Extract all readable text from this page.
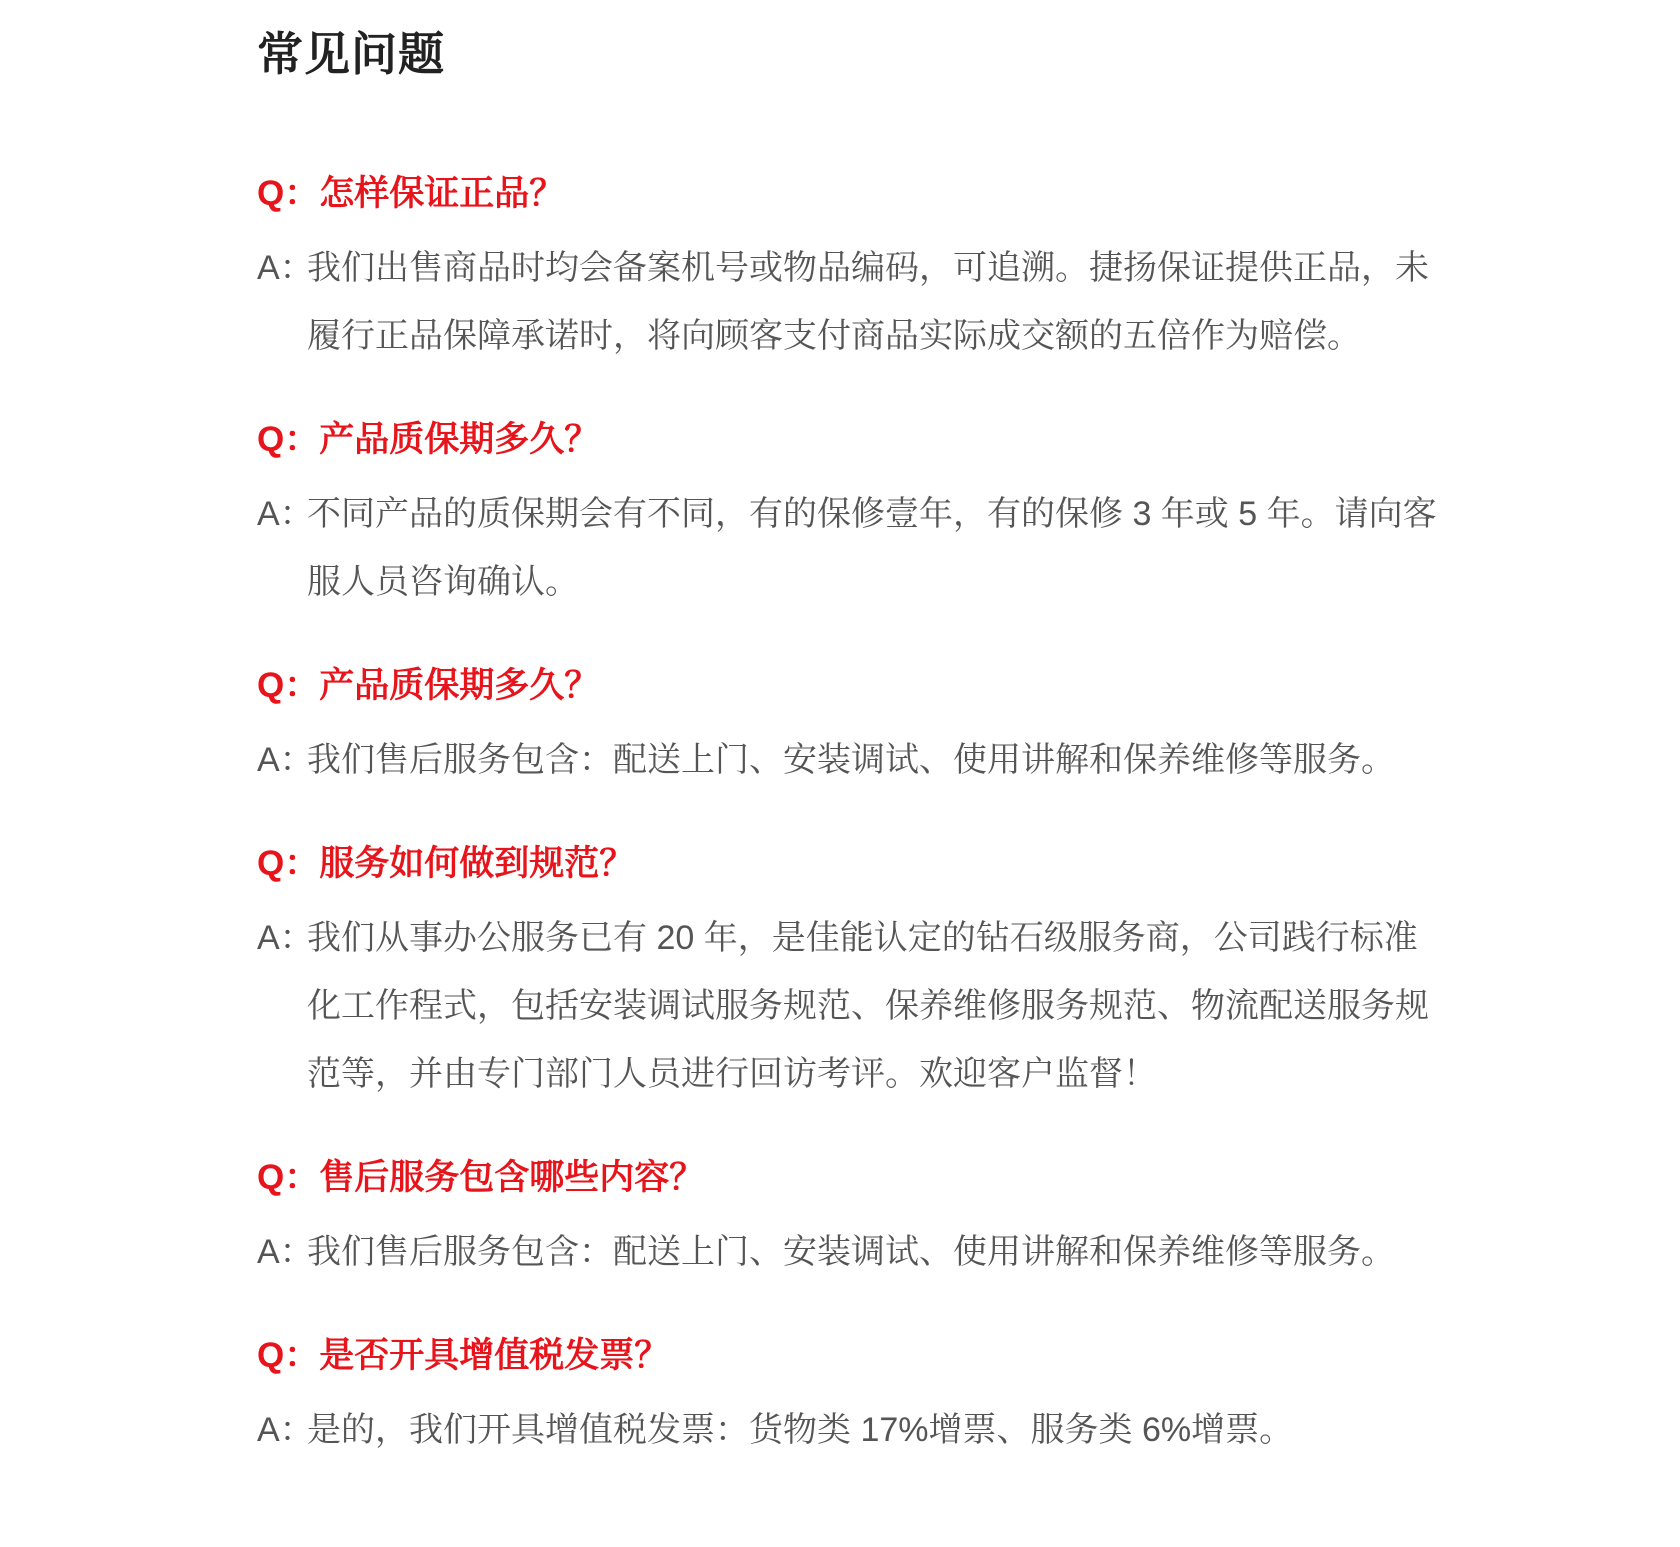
常见问题
Q：怎样保证正品？
A：
我们出售商品时均会备案机号或物品编码，可追溯。捷扬保证提供正品，未履行正品保障承诺时，将向顾客支付商品实际成交额的五倍作为赔偿。
Q：产品质保期多久？
A：
不同产品的质保期会有不同，有的保修壹年，有的保修 3 年或 5 年。请向客服人员咨询确认。
Q：产品质保期多久？
A：
我们售后服务包含：配送上门、安装调试、使用讲解和保养维修等服务。
Q：服务如何做到规范？
A：
我们从事办公服务已有 20 年，是佳能认定的钻石级服务商，公司践行标准化工作程式，包括安装调试服务规范、保养维修服务规范、物流配送服务规范等，并由专门部门人员进行回访考评。欢迎客户监督！
Q：售后服务包含哪些内容？
A：
我们售后服务包含：配送上门、安装调试、使用讲解和保养维修等服务。
Q：是否开具增值税发票？
A：
是的，我们开具增值税发票：货物类 17%增票、服务类 6%增票。
